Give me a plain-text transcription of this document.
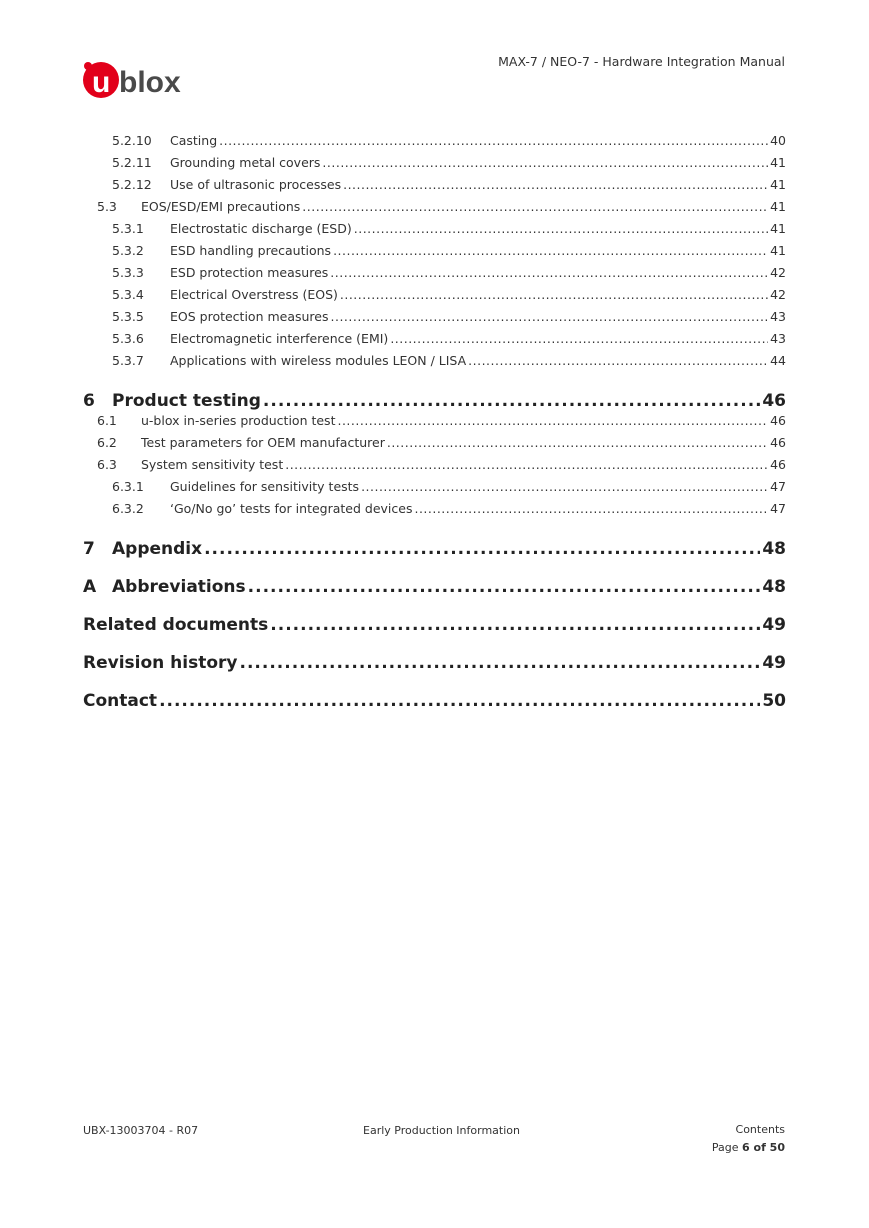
u blox
MAX-7 / NEO-7 - Hardware Integration Manual
5.2.10	Casting .....	40
5.2.11	Grounding metal covers .....	41
5.2.12	Use of ultrasonic processes .....	41
5.3	EOS/ESD/EMI precautions .....	41
5.3.1	Electrostatic discharge (ESD) .....	41
5.3.2	ESD handling precautions .....	41
5.3.3	ESD protection measures .....	42
5.3.4	Electrical Overstress (EOS) .....	42
5.3.5	EOS protection measures .....	43
5.3.6	Electromagnetic interference (EMI) .....	43
5.3.7	Applications with wireless modules LEON / LISA .....	44
6	Product testing .....	46
6.1	u-blox in-series production test .....	46
6.2	Test parameters for OEM manufacturer .....	46
6.3	System sensitivity test .....	46
6.3.1	Guidelines for sensitivity tests .....	47
6.3.2	‘Go/No go’ tests for integrated devices .....	47
7	Appendix .....	48
A Abbreviations .....	48
Related documents .....	49
Revision history .....	49
Contact .....	50
UBX-13003704 - R07	Early Production Information	Contents
Page 6 of 50
